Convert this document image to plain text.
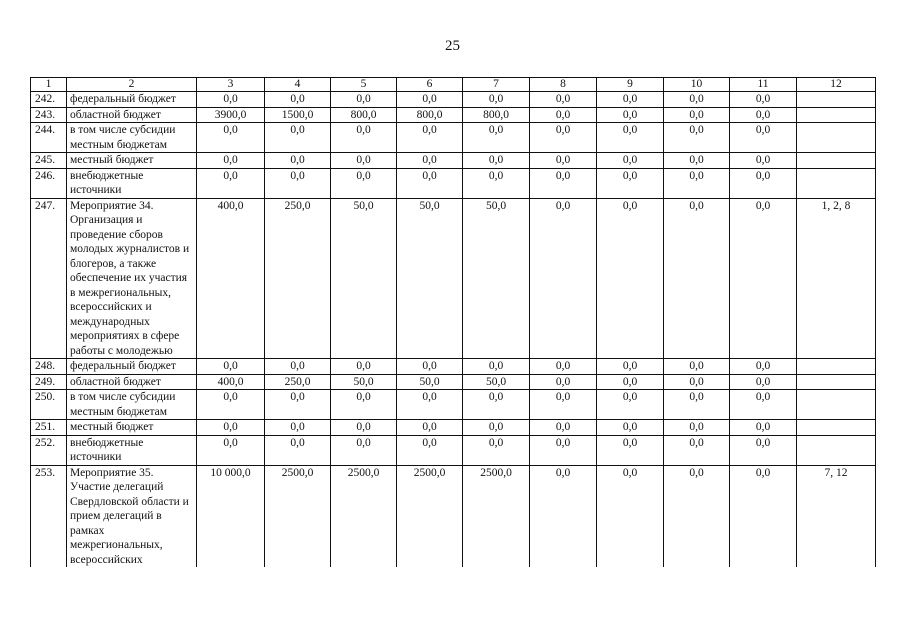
25
1	2	3	4	5	6	7	8	9	10	11	12
242.	федеральный бюджет	0,0	0,0	0,0	0,0	0,0	0,0	0,0	0,0	0,0	
243.	областной бюджет	3900,0	1500,0	800,0	800,0	800,0	0,0	0,0	0,0	0,0	
244.	в том числе субсидии местным бюджетам	0,0	0,0	0,0	0,0	0,0	0,0	0,0	0,0	0,0	
245.	местный бюджет	0,0	0,0	0,0	0,0	0,0	0,0	0,0	0,0	0,0	
246.	внебюджетные источники	0,0	0,0	0,0	0,0	0,0	0,0	0,0	0,0	0,0	
247.	Мероприятие 34. Организация и проведение сборов молодых журналистов и блогеров, а также обеспечение их участия в межрегиональных, всероссийских и международных мероприятиях в сфере работы с молодежью	400,0	250,0	50,0	50,0	50,0	0,0	0,0	0,0	0,0	1, 2, 8
248.	федеральный бюджет	0,0	0,0	0,0	0,0	0,0	0,0	0,0	0,0	0,0	
249.	областной бюджет	400,0	250,0	50,0	50,0	50,0	0,0	0,0	0,0	0,0	
250.	в том числе субсидии местным бюджетам	0,0	0,0	0,0	0,0	0,0	0,0	0,0	0,0	0,0	
251.	местный бюджет	0,0	0,0	0,0	0,0	0,0	0,0	0,0	0,0	0,0	
252.	внебюджетные источники	0,0	0,0	0,0	0,0	0,0	0,0	0,0	0,0	0,0	
253.	Мероприятие 35. Участие делегаций Свердловской области и прием делегаций в рамках межрегиональных, всероссийских	10 000,0	2500,0	2500,0	2500,0	2500,0	0,0	0,0	0,0	0,0	7, 12
